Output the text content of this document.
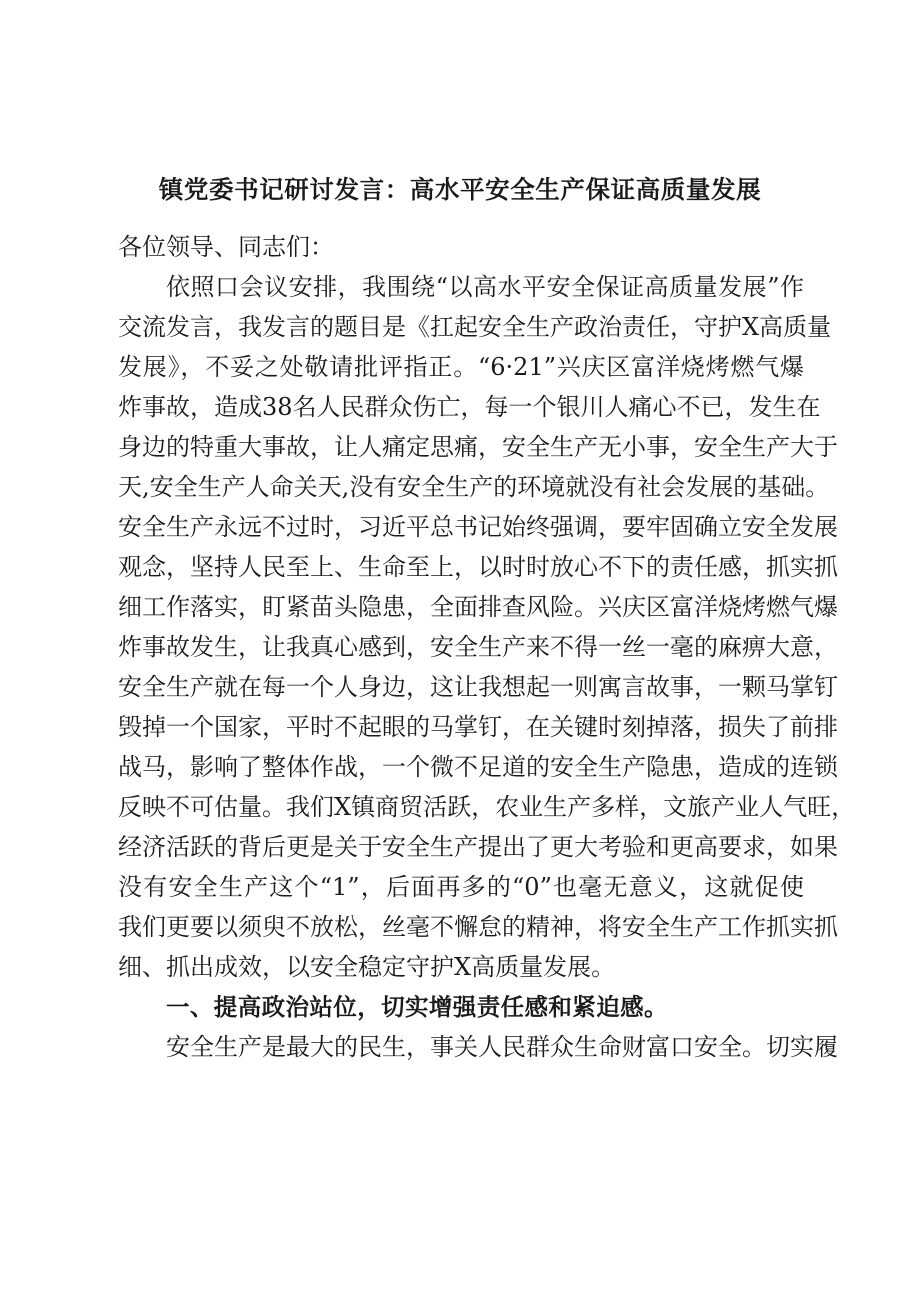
镇党委书记研讨发言：高水平安全生产保证高质量发展
各位领导、同志们：
依照口会议安排，我围绕“以高水平安全保证高质量发展”作
交流发言，我发言的题目是《扛起安全生产政治责任，守护X高质量
发展》，不妥之处敬请批评指正。“6·21”兴庆区富洋烧烤燃气爆
炸事故，造成38名人民群众伤亡，每一个银川人痛心不已，发生在
身边的特重大事故，让人痛定思痛，安全生产无小事，安全生产大于
天,安全生产人命关天,没有安全生产的环境就没有社会发展的基础。
安全生产永远不过时，习近平总书记始终强调，要牢固确立安全发展
观念，坚持人民至上、生命至上，以时时放心不下的责任感，抓实抓
细工作落实，盯紧苗头隐患，全面排查风险。兴庆区富洋烧烤燃气爆
炸事故发生，让我真心感到，安全生产来不得一丝一毫的麻痹大意，
安全生产就在每一个人身边，这让我想起一则寓言故事，一颗马掌钉
毁掉一个国家，平时不起眼的马掌钉，在关键时刻掉落，损失了前排
战马，影响了整体作战，一个微不足道的安全生产隐患，造成的连锁
反映不可估量。我们X镇商贸活跃，农业生产多样，文旅产业人气旺，
经济活跃的背后更是关于安全生产提出了更大考验和更高要求，如果
没有安全生产这个“1”，后面再多的“0”也毫无意义，这就促使
我们更要以须臾不放松，丝毫不懈怠的精神，将安全生产工作抓实抓
细、抓出成效，以安全稳定守护X高质量发展。
一、提高政治站位，切实增强责任感和紧迫感。
安全生产是最大的民生，事关人民群众生命财富口安全。切实履
